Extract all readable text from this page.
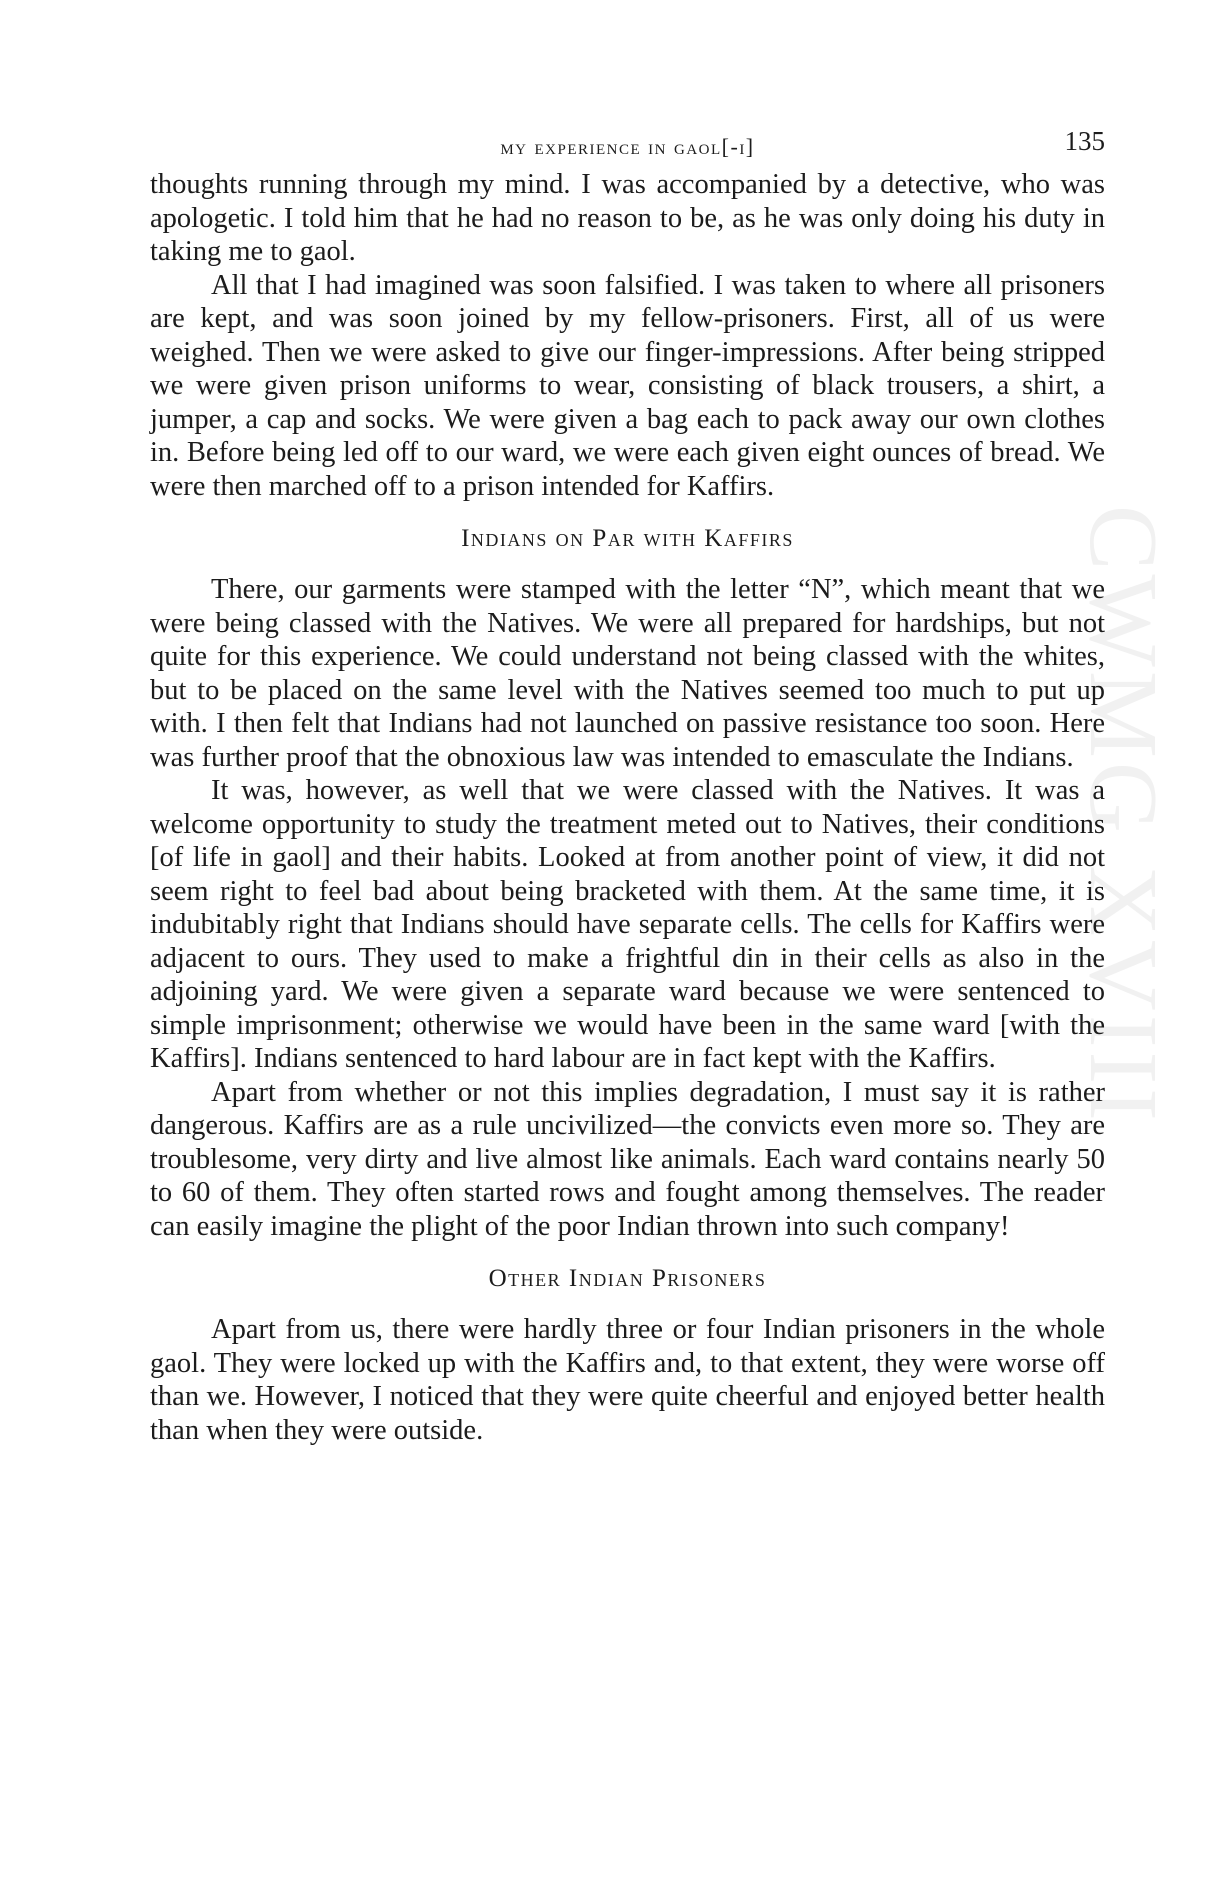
CWMG XVIII
my experience in gaol[-i]	135

thoughts running through my mind. I was accompanied by a detective, who was apologetic. I told him that he had no reason to be, as he was only doing his duty in taking me to gaol.

All that I had imagined was soon falsified. I was taken to where all prisoners are kept, and was soon joined by my fellow-prisoners. First, all of us were weighed. Then we were asked to give our finger-impressions. After being stripped we were given prison uniforms to wear, consisting of black trousers, a shirt, a jumper, a cap and socks. We were given a bag each to pack away our own clothes in. Before being led off to our ward, we were each given eight ounces of bread. We were then marched off to a prison intended for Kaffirs.

Indians on Par with Kaffirs

There, our garments were stamped with the letter “N”, which meant that we were being classed with the Natives. We were all prepared for hardships, but not quite for this experience. We could understand not being classed with the whites, but to be placed on the same level with the Natives seemed too much to put up with. I then felt that Indians had not launched on passive resistance too soon. Here was further proof that the obnoxious law was intended to emasculate the Indians.

It was, however, as well that we were classed with the Natives. It was a welcome opportunity to study the treatment meted out to Natives, their conditions [of life in gaol] and their habits. Looked at from another point of view, it did not seem right to feel bad about being bracketed with them. At the same time, it is indubitably right that Indians should have separate cells. The cells for Kaffirs were adjacent to ours. They used to make a frightful din in their cells as also in the adjoining yard. We were given a separate ward because we were sentenced to simple imprisonment; otherwise we would have been in the same ward [with the Kaffirs]. Indians sentenced to hard labour are in fact kept with the Kaffirs.

Apart from whether or not this implies degradation, I must say it is rather dangerous. Kaffirs are as a rule uncivilized—the convicts even more so. They are troublesome, very dirty and live almost like animals. Each ward contains nearly 50 to 60 of them. They often started rows and fought among themselves. The reader can easily imagine the plight of the poor Indian thrown into such company!

Other Indian Prisoners

Apart from us, there were hardly three or four Indian prisoners in the whole gaol. They were locked up with the Kaffirs and, to that extent, they were worse off than we. However, I noticed that they were quite cheerful and enjoyed better health than when they were outside.
